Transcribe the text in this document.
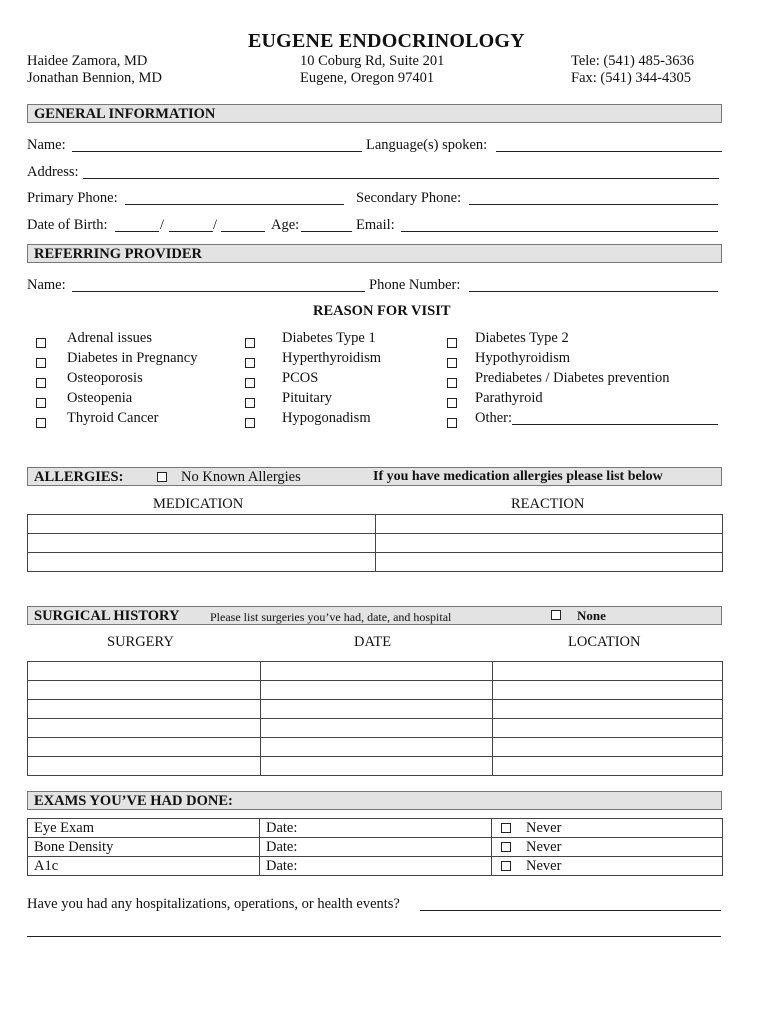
EUGENE ENDOCRINOLOGY
Haidee Zamora, MD
Jonathan Bennion, MD
10 Coburg Rd, Suite 201
Eugene, Oregon 97401
Tele: (541) 485-3636
Fax: (541) 344-4305
GENERAL INFORMATION
Name:	Language(s) spoken:
Address:
Primary Phone:	Secondary Phone:
Date of Birth:	/	/	Age:	Email:
REFERRING PROVIDER
Name:	Phone Number:
REASON FOR VISIT
Adrenal issues
Diabetes in Pregnancy
Osteoporosis
Osteopenia
Thyroid Cancer
Diabetes Type 1
Hyperthyroidism
PCOS
Pituitary
Hypogonadism
Diabetes Type 2
Hypothyroidism
Prediabetes / Diabetes prevention
Parathyroid
Other:
ALLERGIES:	No Known Allergies	If you have medication allergies please list below
MEDICATION	REACTION

SURGICAL HISTORY	Please list surgeries you’ve had, date, and hospital	None
SURGERY	DATE	LOCATION

EXAMS YOU’VE HAD DONE:
Eye Exam	Date:	Never
Bone Density	Date:	Never
A1c	Date:	Never
Have you had any hospitalizations, operations, or health events?
